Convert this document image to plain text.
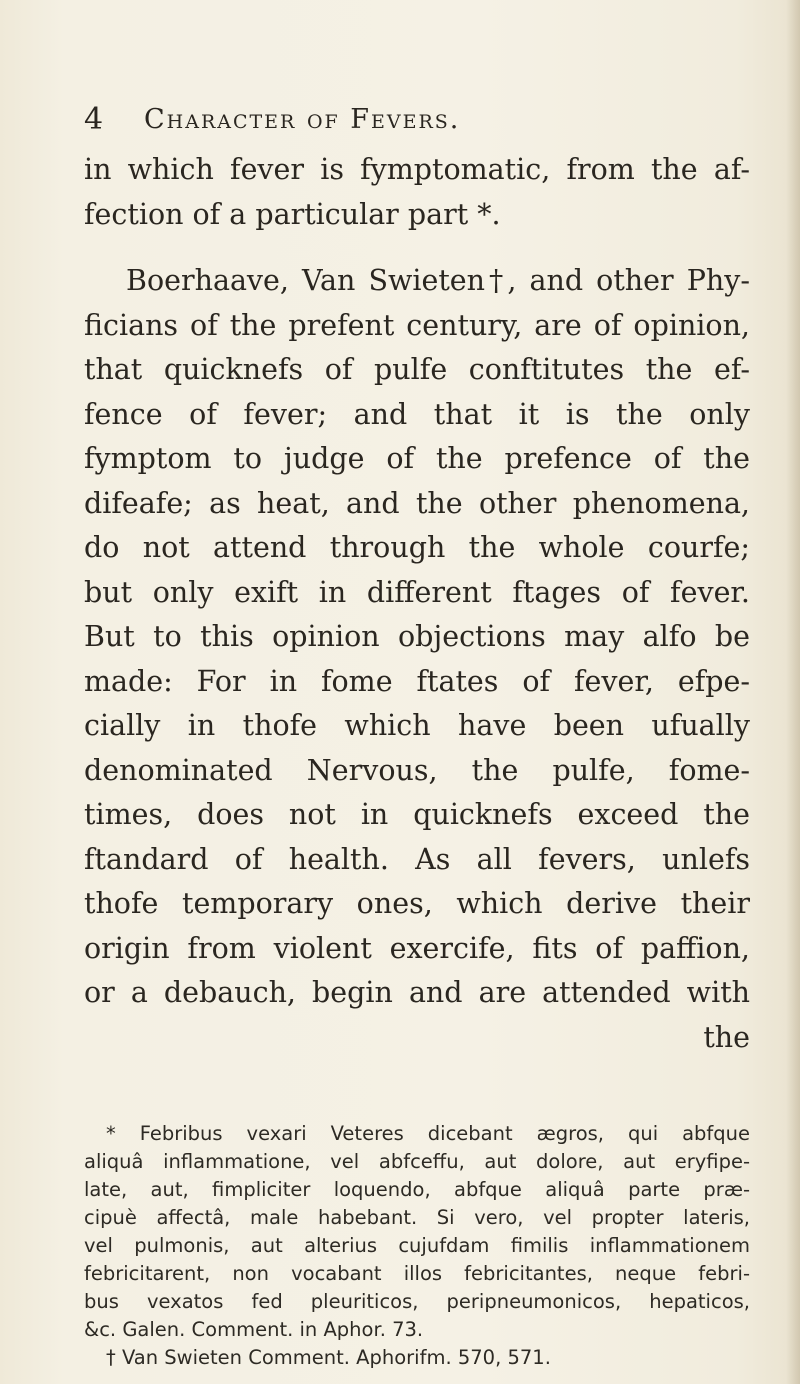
4 Character of Fevers.
in which fever is fymptomatic, from the af-
fection of a particular part *.
Boerhaave, Van Swieten†, and other Phy-
ficians of the prefent century, are of opinion,
that quicknefs of pulfe conftitutes the ef-
fence of fever; and that it is the only
fymptom to judge of the prefence of the
difeafe; as heat, and the other phenomena,
do not attend through the whole courfe;
but only exift in different ftages of fever.
But to this opinion objections may alfo be
made: For in fome ftates of fever, efpe-
cially in thofe which have been ufually
denominated Nervous, the pulfe, fome-
times, does not in quicknefs exceed the
ftandard of health. As all fevers, unlefs
thofe temporary ones, which derive their
origin from violent exercife, fits of paffion,
or a debauch, begin and are attended with
the
* Febribus vexari Veteres dicebant ægros, qui abfque
aliquâ inflammatione, vel abfceffu, aut dolore, aut eryfipe-
late, aut, fimpliciter loquendo, abfque aliquâ parte præ-
cipuè affectâ, male habebant. Si vero, vel propter lateris,
vel pulmonis, aut alterius cujufdam fimilis inflammationem
febricitarent, non vocabant illos febricitantes, neque febri-
bus vexatos fed pleuriticos, peripneumonicos, hepaticos,
&c. Galen. Comment. in Aphor. 73.
† Van Swieten Comment. Aphorifm. 570, 571.
